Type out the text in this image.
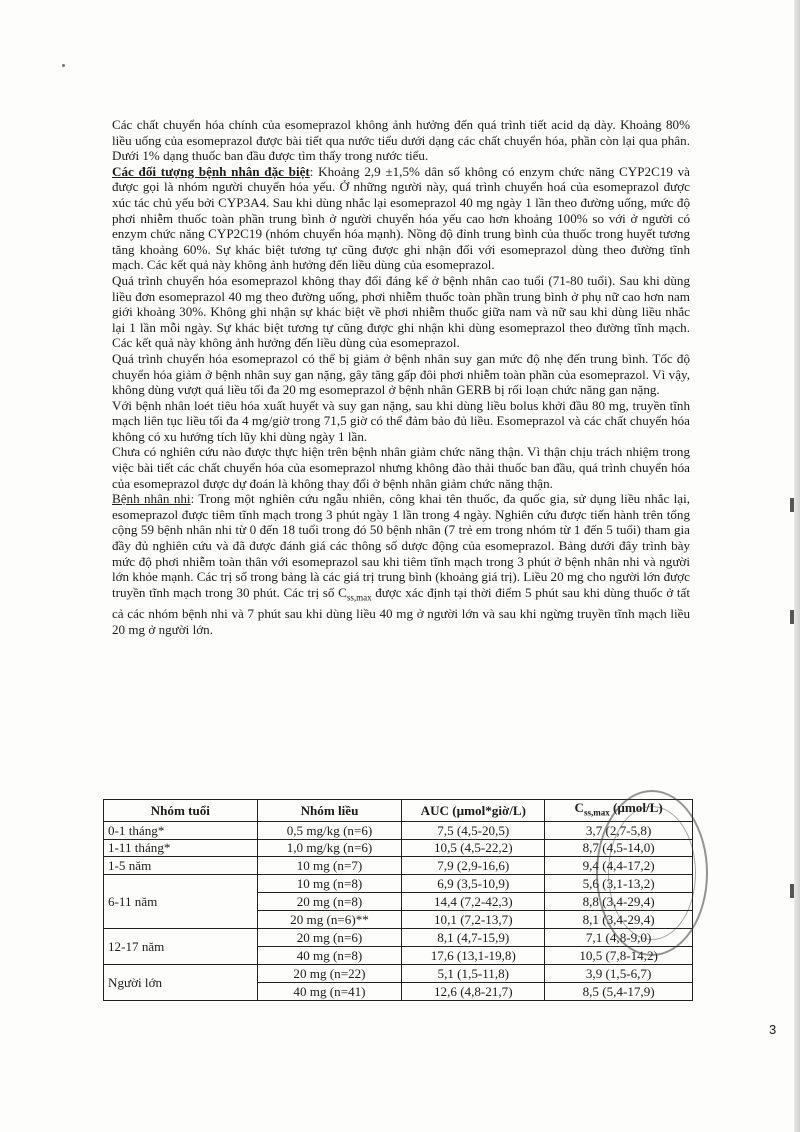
Các chất chuyển hóa chính của esomeprazol không ảnh hưởng đến quá trình tiết acid dạ dày. Khoảng 80% liều uống của esomeprazol được bài tiết qua nước tiểu dưới dạng các chất chuyển hóa, phần còn lại qua phân. Dưới 1% dạng thuốc ban đầu được tìm thấy trong nước tiểu.

Các đối tượng bệnh nhân đặc biệt: Khoảng 2,9 ±1,5% dân số không có enzym chức năng CYP2C19 và được gọi là nhóm người chuyển hóa yếu. Ở những người này, quá trình chuyển hoá của esomeprazol được xúc tác chủ yếu bởi CYP3A4. Sau khi dùng nhắc lại esomeprazol 40 mg ngày 1 lần theo đường uống, mức độ phơi nhiễm thuốc toàn phần trung bình ở người chuyển hóa yếu cao hơn khoảng 100% so với ở người có enzym chức năng CYP2C19 (nhóm chuyển hóa mạnh). Nồng độ đỉnh trung bình của thuốc trong huyết tương tăng khoảng 60%. Sự khác biệt tương tự cũng được ghi nhận đối với esomeprazol dùng theo đường tĩnh mạch. Các kết quả này không ảnh hưởng đến liều dùng của esomeprazol.

Quá trình chuyển hóa esomeprazol không thay đổi đáng kể ở bệnh nhân cao tuổi (71-80 tuổi). Sau khi dùng liều đơn esomeprazol 40 mg theo đường uống, phơi nhiễm thuốc toàn phần trung bình ở phụ nữ cao hơn nam giới khoảng 30%. Không ghi nhận sự khác biệt về phơi nhiễm thuốc giữa nam và nữ sau khi dùng liều nhắc lại 1 lần mỗi ngày. Sự khác biệt tương tự cũng được ghi nhận khi dùng esomeprazol theo đường tĩnh mạch. Các kết quả này không ảnh hưởng đến liều dùng của esomeprazol.

Quá trình chuyển hóa esomeprazol có thể bị giảm ở bệnh nhân suy gan mức độ nhẹ đến trung bình. Tốc độ chuyển hóa giảm ở bệnh nhân suy gan nặng, gây tăng gấp đôi phơi nhiễm toàn phần của esomeprazol. Vì vậy, không dùng vượt quá liều tối đa 20 mg esomeprazol ở bệnh nhân GERB bị rối loạn chức năng gan nặng.

Với bệnh nhân loét tiêu hóa xuất huyết và suy gan nặng, sau khi dùng liều bolus khởi đầu 80 mg, truyền tĩnh mạch liên tục liều tối đa 4 mg/giờ trong 71,5 giờ có thể đảm bảo đủ liều. Esomeprazol và các chất chuyển hóa không có xu hướng tích lũy khi dùng ngày 1 lần.

Chưa có nghiên cứu nào được thực hiện trên bệnh nhân giảm chức năng thận. Vì thận chịu trách nhiệm trong việc bài tiết các chất chuyển hóa của esomeprazol nhưng không đào thải thuốc ban đầu, quá trình chuyển hóa của esomeprazol được dự đoán là không thay đổi ở bệnh nhân giảm chức năng thận.

Bệnh nhân nhi: Trong một nghiên cứu ngẫu nhiên, công khai tên thuốc, đa quốc gia, sử dụng liều nhắc lại, esomeprazol được tiêm tĩnh mạch trong 3 phút ngày 1 lần trong 4 ngày. Nghiên cứu được tiến hành trên tổng cộng 59 bệnh nhân nhi từ 0 đến 18 tuổi trong đó 50 bệnh nhân (7 trẻ em trong nhóm từ 1 đến 5 tuổi) tham gia đầy đủ nghiên cứu và đã được đánh giá các thông số dược động của esomeprazol. Bảng dưới đây trình bày mức độ phơi nhiễm toàn thân với esomeprazol sau khi tiêm tĩnh mạch trong 3 phút ở bệnh nhân nhi và người lớn khỏe mạnh. Các trị số trong bảng là các giá trị trung bình (khoảng giá trị). Liều 20 mg cho người lớn được truyền tĩnh mạch trong 30 phút. Các trị số $C_{ss,max}$ được xác định tại thời điểm 5 phút sau khi dùng thuốc ở tất cả các nhóm bệnh nhi và 7 phút sau khi dùng liều 40 mg ở người lớn và sau khi ngừng truyền tĩnh mạch liều 20 mg ở người lớn.

Nhóm tuổi	Nhóm liều	AUC (µmol*giờ/L)	$C_{ss,max}$ (µmol/L)
0-1 tháng*	0,5 mg/kg (n=6)	7,5 (4,5-20,5)	3,7 (2,7-5,8)
1-11 tháng*	1,0 mg/kg (n=6)	10,5 (4,5-22,2)	8,7 (4,5-14,0)
1-5 năm	10 mg (n=7)	7,9 (2,9-16,6)	9,4 (4,4-17,2)
6-11 năm	10 mg (n=8)	6,9 (3,5-10,9)	5,6 (3,1-13,2)
	20 mg (n=8)	14,4 (7,2-42,3)	8,8 (3,4-29,4)
	20 mg (n=6)**	10,1 (7,2-13,7)	8,1 (3,4-29,4)
12-17 năm	20 mg (n=6)	8,1 (4,7-15,9)	7,1 (4,8-9,0)
	40 mg (n=8)	17,6 (13,1-19,8)	10,5 (7,8-14,2)
Người lớn	20 mg (n=22)	5,1 (1,5-11,8)	3,9 (1,5-6,7)
	40 mg (n=41)	12,6 (4,8-21,7)	8,5 (5,4-17,9)
3
